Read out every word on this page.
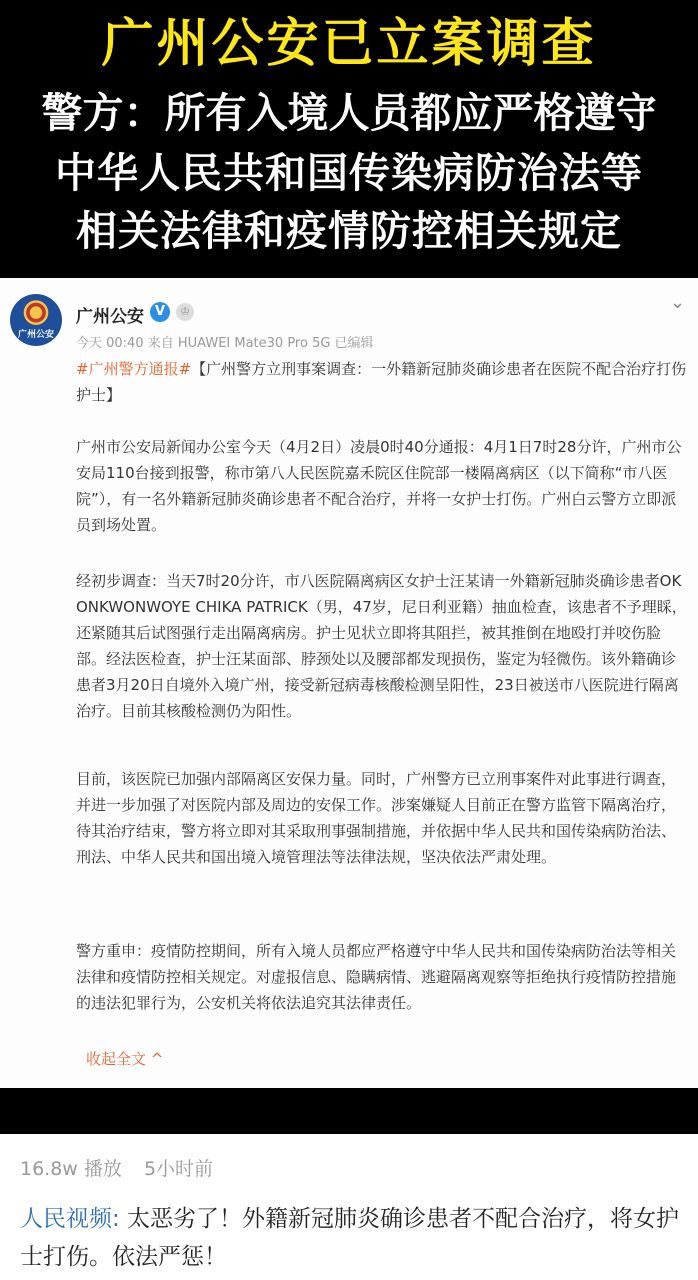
广州公安已立案调查
警方：所有入境人员都应严格遵守
中华人民共和国传染病防治法等
相关法律和疫情防控相关规定
广州公安
广州公安 V	♔	⌄
今天 00:40 来自 HUAWEI Mate30 Pro 5G 已编辑
#广州警方通报#【广州警方立刑事案调查：一外籍新冠肺炎确诊患者在医院不配合治疗打伤护士】
广州市公安局新闻办公室今天（4月2日）凌晨0时40分通报：4月1日7时28分许，广州市公安局110台接到报警，称市第八人民医院嘉禾院区住院部一楼隔离病区（以下简称“市八医院”），有一名外籍新冠肺炎确诊患者不配合治疗，并将一女护士打伤。广州白云警方立即派员到场处置。
经初步调查：当天7时20分许，市八医院隔离病区女护士汪某请一外籍新冠肺炎确诊患者OKONKWONWOYE CHIKA PATRICK（男，47岁，尼日利亚籍）抽血检查，该患者不予理睬，还紧随其后试图强行走出隔离病房。护士见状立即将其阻拦，被其推倒在地殴打并咬伤脸部。经法医检查，护士汪某面部、脖颈处以及腰部都发现损伤，鉴定为轻微伤。该外籍确诊患者3月20日自境外入境广州，接受新冠病毒核酸检测呈阳性，23日被送市八医院进行隔离治疗。目前其核酸检测仍为阳性。
目前，该医院已加强内部隔离区安保力量。同时，广州警方已立刑事案件对此事进行调查，并进一步加强了对医院内部及周边的安保工作。涉案嫌疑人目前正在警方监管下隔离治疗，待其治疗结束，警方将立即对其采取刑事强制措施，并依据中华人民共和国传染病防治法、刑法、中华人民共和国出境入境管理法等法律法规，坚决依法严肃处理。
警方重申：疫情防控期间，所有入境人员都应严格遵守中华人民共和国传染病防治法等相关法律和疫情防控相关规定。对虚报信息、隐瞒病情、逃避隔离观察等拒绝执行疫情防控措施的违法犯罪行为，公安机关将依法追究其法律责任。
收起全文 ^
16.8w 播放 5小时前
人民视频: 太恶劣了！外籍新冠肺炎确诊患者不配合治疗，将女护士打伤。依法严惩！
